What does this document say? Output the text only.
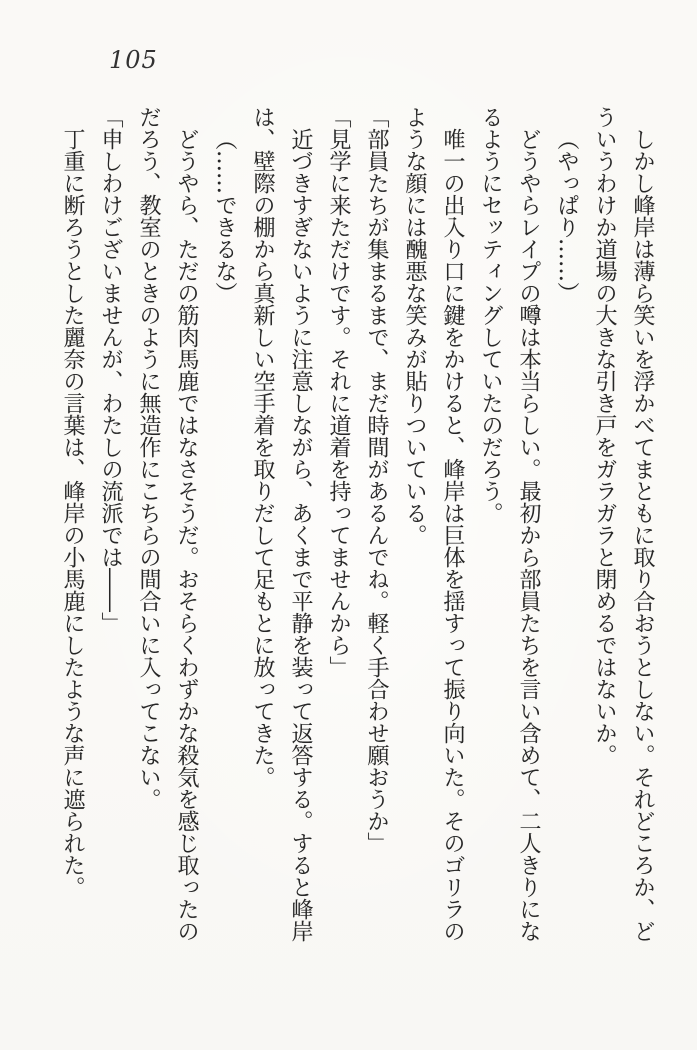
105

しかし峰岸は薄ら笑いを浮かべてまともに取り合おうとしない。それどころか、どういうわけか道場の大きな引き戸をガラガラと閉めるではないか。

（やっぱり……）

どうやらレイプの噂は本当らしい。最初から部員たちを言い含めて、二人きりになるようにセッティングしていたのだろう。

唯一の出入り口に鍵をかけると、峰岸は巨体を揺すって振り向いた。そのゴリラのような顔には醜悪な笑みが貼りついている。

「部員たちが集まるまで、まだ時間があるんでね。軽く手合わせ願おうか」

「見学に来ただけです。それに道着を持ってませんから」

近づきすぎないように注意しながら、あくまで平静を装って返答する。すると峰岸は、壁際の棚から真新しい空手着を取りだして足もとに放ってきた。

（……できるな）

どうやら、ただの筋肉馬鹿ではなさそうだ。おそらくわずかな殺気を感じ取ったのだろう、教室のときのように無造作にこちらの間合いに入ってこない。

「申しわけございませんが、わたしの流派では――」

丁重に断ろうとした麗奈の言葉は、峰岸の小馬鹿にしたような声に遮られた。
